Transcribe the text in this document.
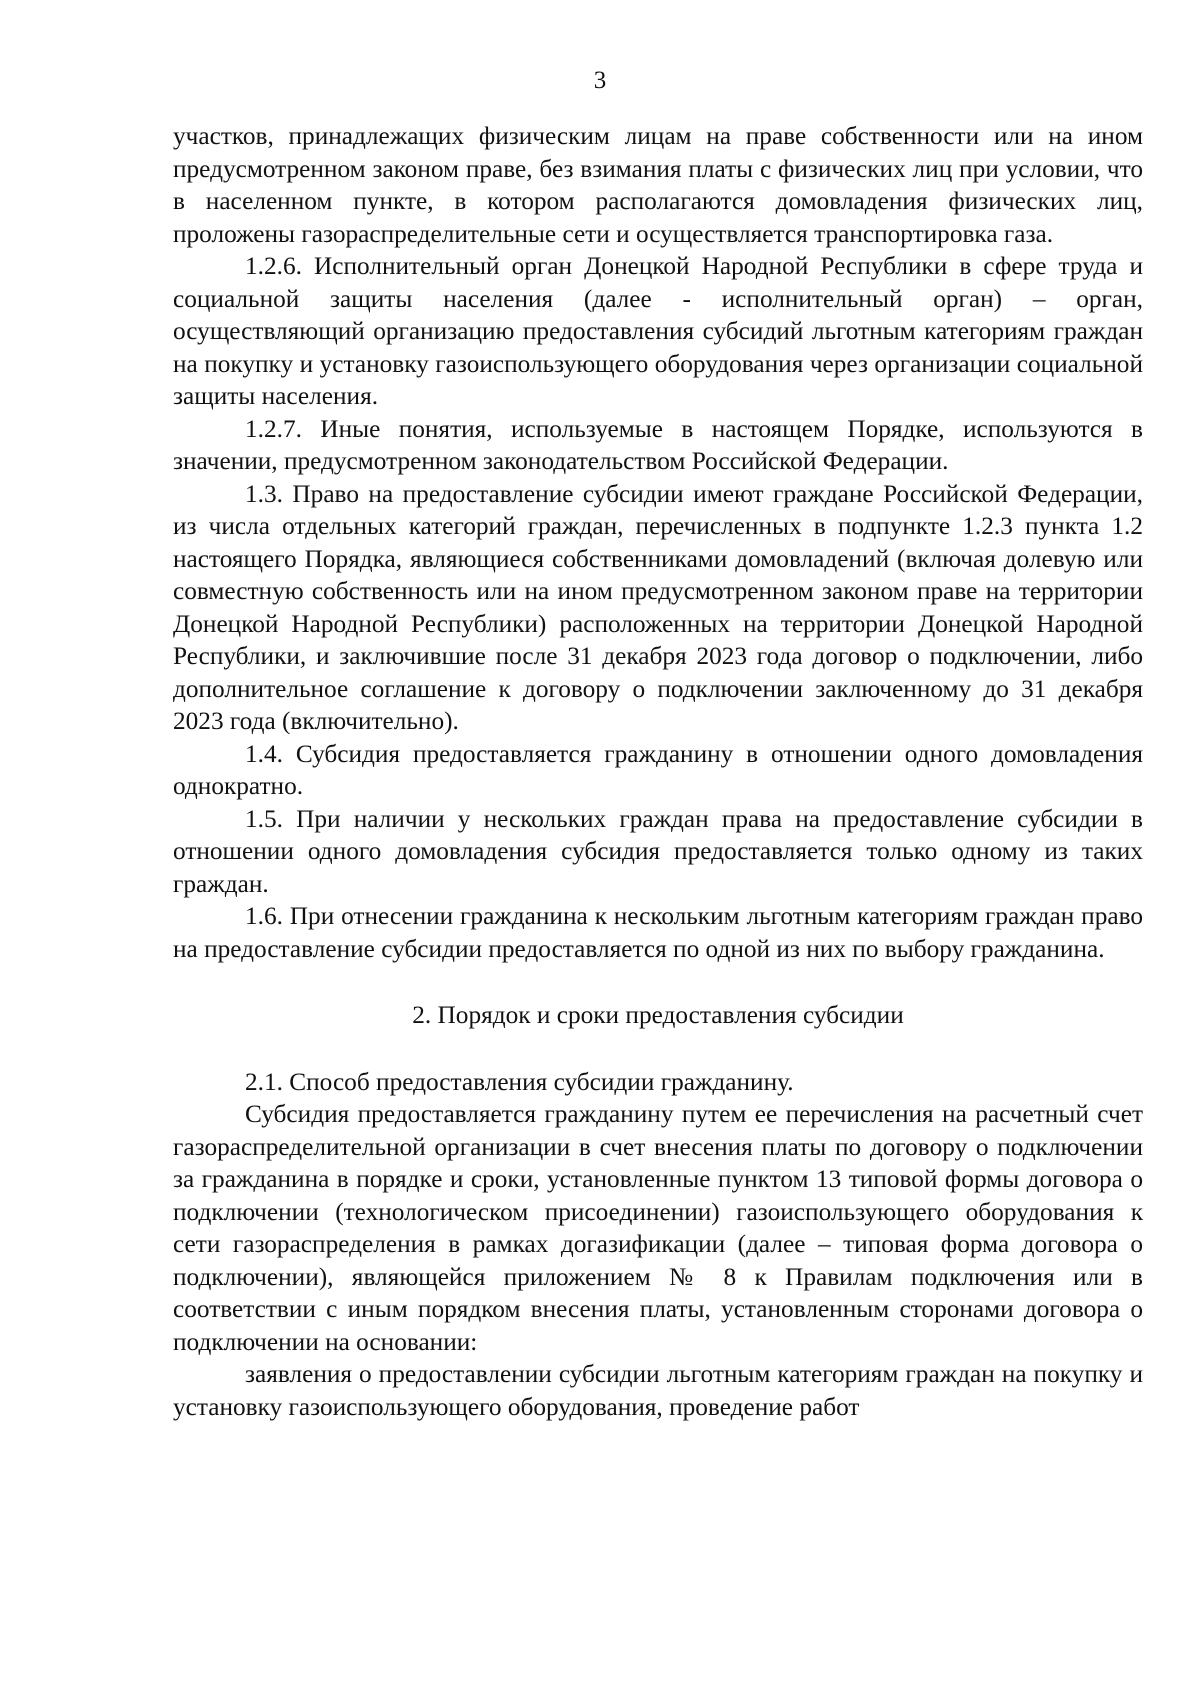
3

участков, принадлежащих физическим лицам на праве собственности или на ином предусмотренном законом праве, без взимания платы с физических лиц при условии, что в населенном пункте, в котором располагаются домовладения физических лиц, проложены газораспределительные сети и осуществляется транспортировка газа.

1.2.6. Исполнительный орган Донецкой Народной Республики в сфере труда и социальной защиты населения (далее - исполнительный орган) – орган, осуществляющий организацию предоставления субсидий льготным категориям граждан на покупку и установку газоиспользующего оборудования через организации социальной защиты населения.

1.2.7. Иные понятия, используемые в настоящем Порядке, используются в значении, предусмотренном законодательством Российской Федерации.

1.3. Право на предоставление субсидии имеют граждане Российской Федерации, из числа отдельных категорий граждан, перечисленных в подпункте 1.2.3 пункта 1.2 настоящего Порядка, являющиеся собственниками домовладений (включая долевую или совместную собственность или на ином предусмотренном законом праве на территории Донецкой Народной Республики) расположенных на территории Донецкой Народной Республики, и заключившие после 31 декабря 2023 года договор о подключении, либо дополнительное соглашение к договору о подключении заключенному до 31 декабря 2023 года (включительно).

1.4. Субсидия предоставляется гражданину в отношении одного домовладения однократно.

1.5. При наличии у нескольких граждан права на предоставление субсидии в отношении одного домовладения субсидия предоставляется только одному из таких граждан.

1.6. При отнесении гражданина к нескольким льготным категориям граждан право на предоставление субсидии предоставляется по одной из них по выбору гражданина.

2. Порядок и сроки предоставления субсидии

2.1. Способ предоставления субсидии гражданину.

Субсидия предоставляется гражданину путем ее перечисления на расчетный счет газораспределительной организации в счет внесения платы по договору о подключении за гражданина в порядке и сроки, установленные пунктом 13 типовой формы договора о подключении (технологическом присоединении) газоиспользующего оборудования к сети газораспределения в рамках догазификации (далее – типовая форма договора о подключении), являющейся приложением № 8 к Правилам подключения или в соответствии с иным порядком внесения платы, установленным сторонами договора о подключении на основании:

заявления о предоставлении субсидии льготным категориям граждан на покупку и установку газоиспользующего оборудования, проведение работ
